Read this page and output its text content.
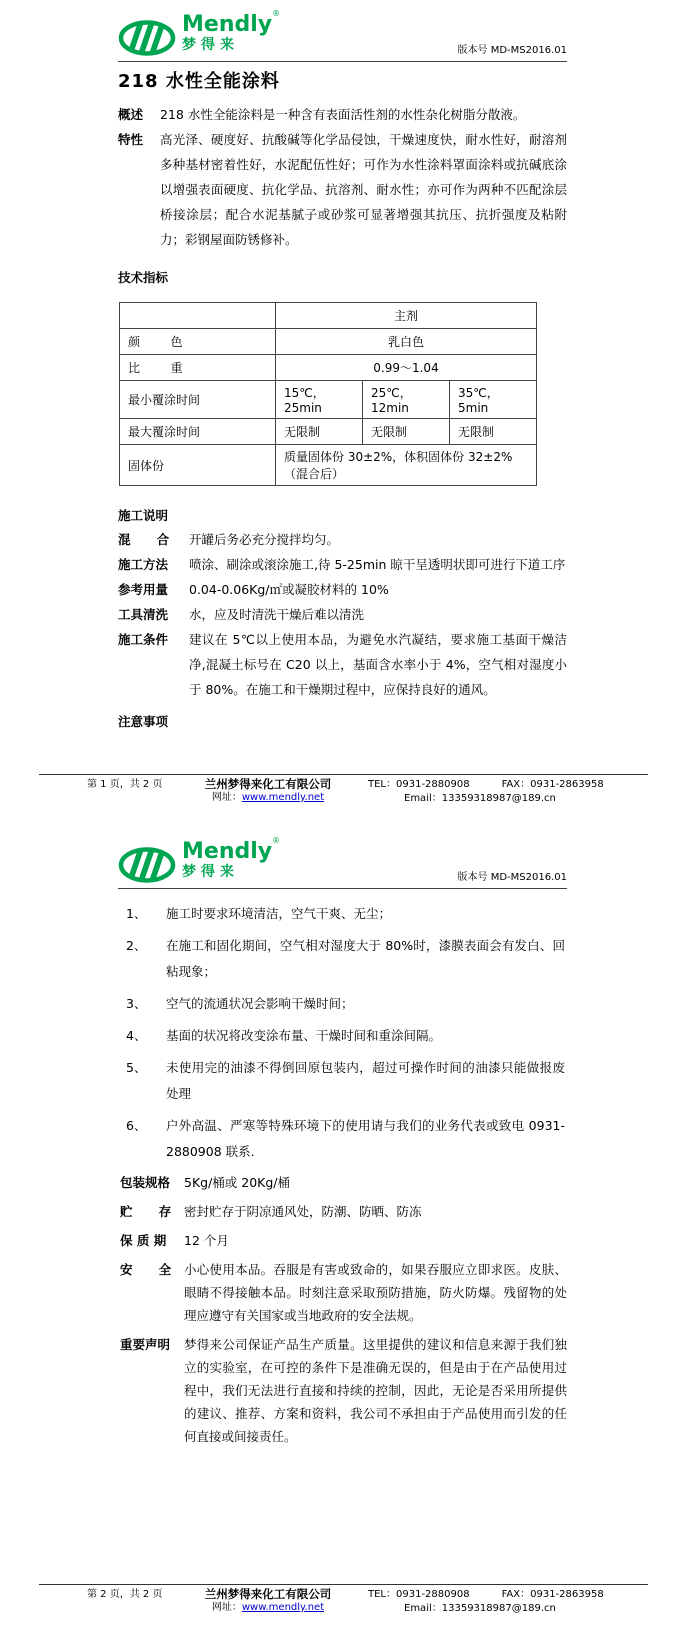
Mendly®
梦得来	版本号 MD-MS2016.01
218 水性全能涂料
概述	218 水性全能涂料是一种含有表面活性剂的水性杂化树脂分散液。
特性	高光泽、硬度好、抗酸碱等化学品侵蚀，干燥速度快，耐水性好，耐溶剂多种基材密着性好，水泥配伍性好；可作为水性涂料罩面涂料或抗碱底涂以增强表面硬度、抗化学品、抗溶剂、耐水性；亦可作为两种不匹配涂层桥接涂层；配合水泥基腻子或砂浆可显著增强其抗压、抗折强度及粘附力；彩钢屋面防锈修补。
技术指标
	主剂		
颜        色	乳白色		
比        重	0.99～1.04		
最小覆涂时间	15℃，25min	25℃，12min	35℃，5min
最大覆涂时间	无限制	无限制	无限制
固体份	质量固体份 30±2%，体积固体份 32±2%（混合后）		
施工说明
混      合	开罐后务必充分搅拌均匀。
施工方法	喷涂、刷涂或滚涂施工,待 5-25min 晾干呈透明状即可进行下道工序
参考用量	0.04-0.06Kg/㎡或凝胶材料的 10%
工具清洗	水，应及时清洗干燥后难以清洗
施工条件	建议在 5℃以上使用本品，为避免水汽凝结，要求施工基面干燥洁净,混凝土标号在 C20 以上，基面含水率小于 4%，空气相对湿度小于 80%。在施工和干燥期过程中，应保持良好的通风。
注意事项
第 1 页，共 2 页	兰州梦得来化工有限公司
网址：www.mendly.net
TEL：0931-2880908	FAX：0931-2863958
Email：13359318987@189.cn
Mendly®
梦得来	版本号 MD-MS2016.01
1、	施工时要求环境清洁，空气干爽、无尘；
2、	在施工和固化期间，空气相对湿度大于 80%时，漆膜表面会有发白、回粘现象；
3、	空气的流通状况会影响干燥时间；
4、	基面的状况将改变涂布量、干燥时间和重涂间隔。
5、	未使用完的油漆不得倒回原包装内，超过可操作时间的油漆只能做报废处理
6、	户外高温、严寒等特殊环境下的使用请与我们的业务代表或致电 0931-2880908 联系.
包装规格	5Kg/桶或 20Kg/桶
贮      存	密封贮存于阴凉通风处，防潮、防晒、防冻
保 质 期	12 个月
安      全	小心使用本品。吞服是有害或致命的，如果吞服应立即求医。皮肤、眼睛不得接触本品。时刻注意采取预防措施，防火防爆。残留物的处理应遵守有关国家或当地政府的安全法规。
重要声明	梦得来公司保证产品生产质量。这里提供的建议和信息来源于我们独立的实验室，在可控的条件下是准确无误的，但是由于在产品使用过程中，我们无法进行直接和持续的控制，因此，无论是否采用所提供的建议、推荐、方案和资料，我公司不承担由于产品使用而引发的任何直接或间接责任。
第 2 页，共 2 页	兰州梦得来化工有限公司
网址：www.mendly.net
TEL：0931-2880908	FAX：0931-2863958
Email：13359318987@189.cn
